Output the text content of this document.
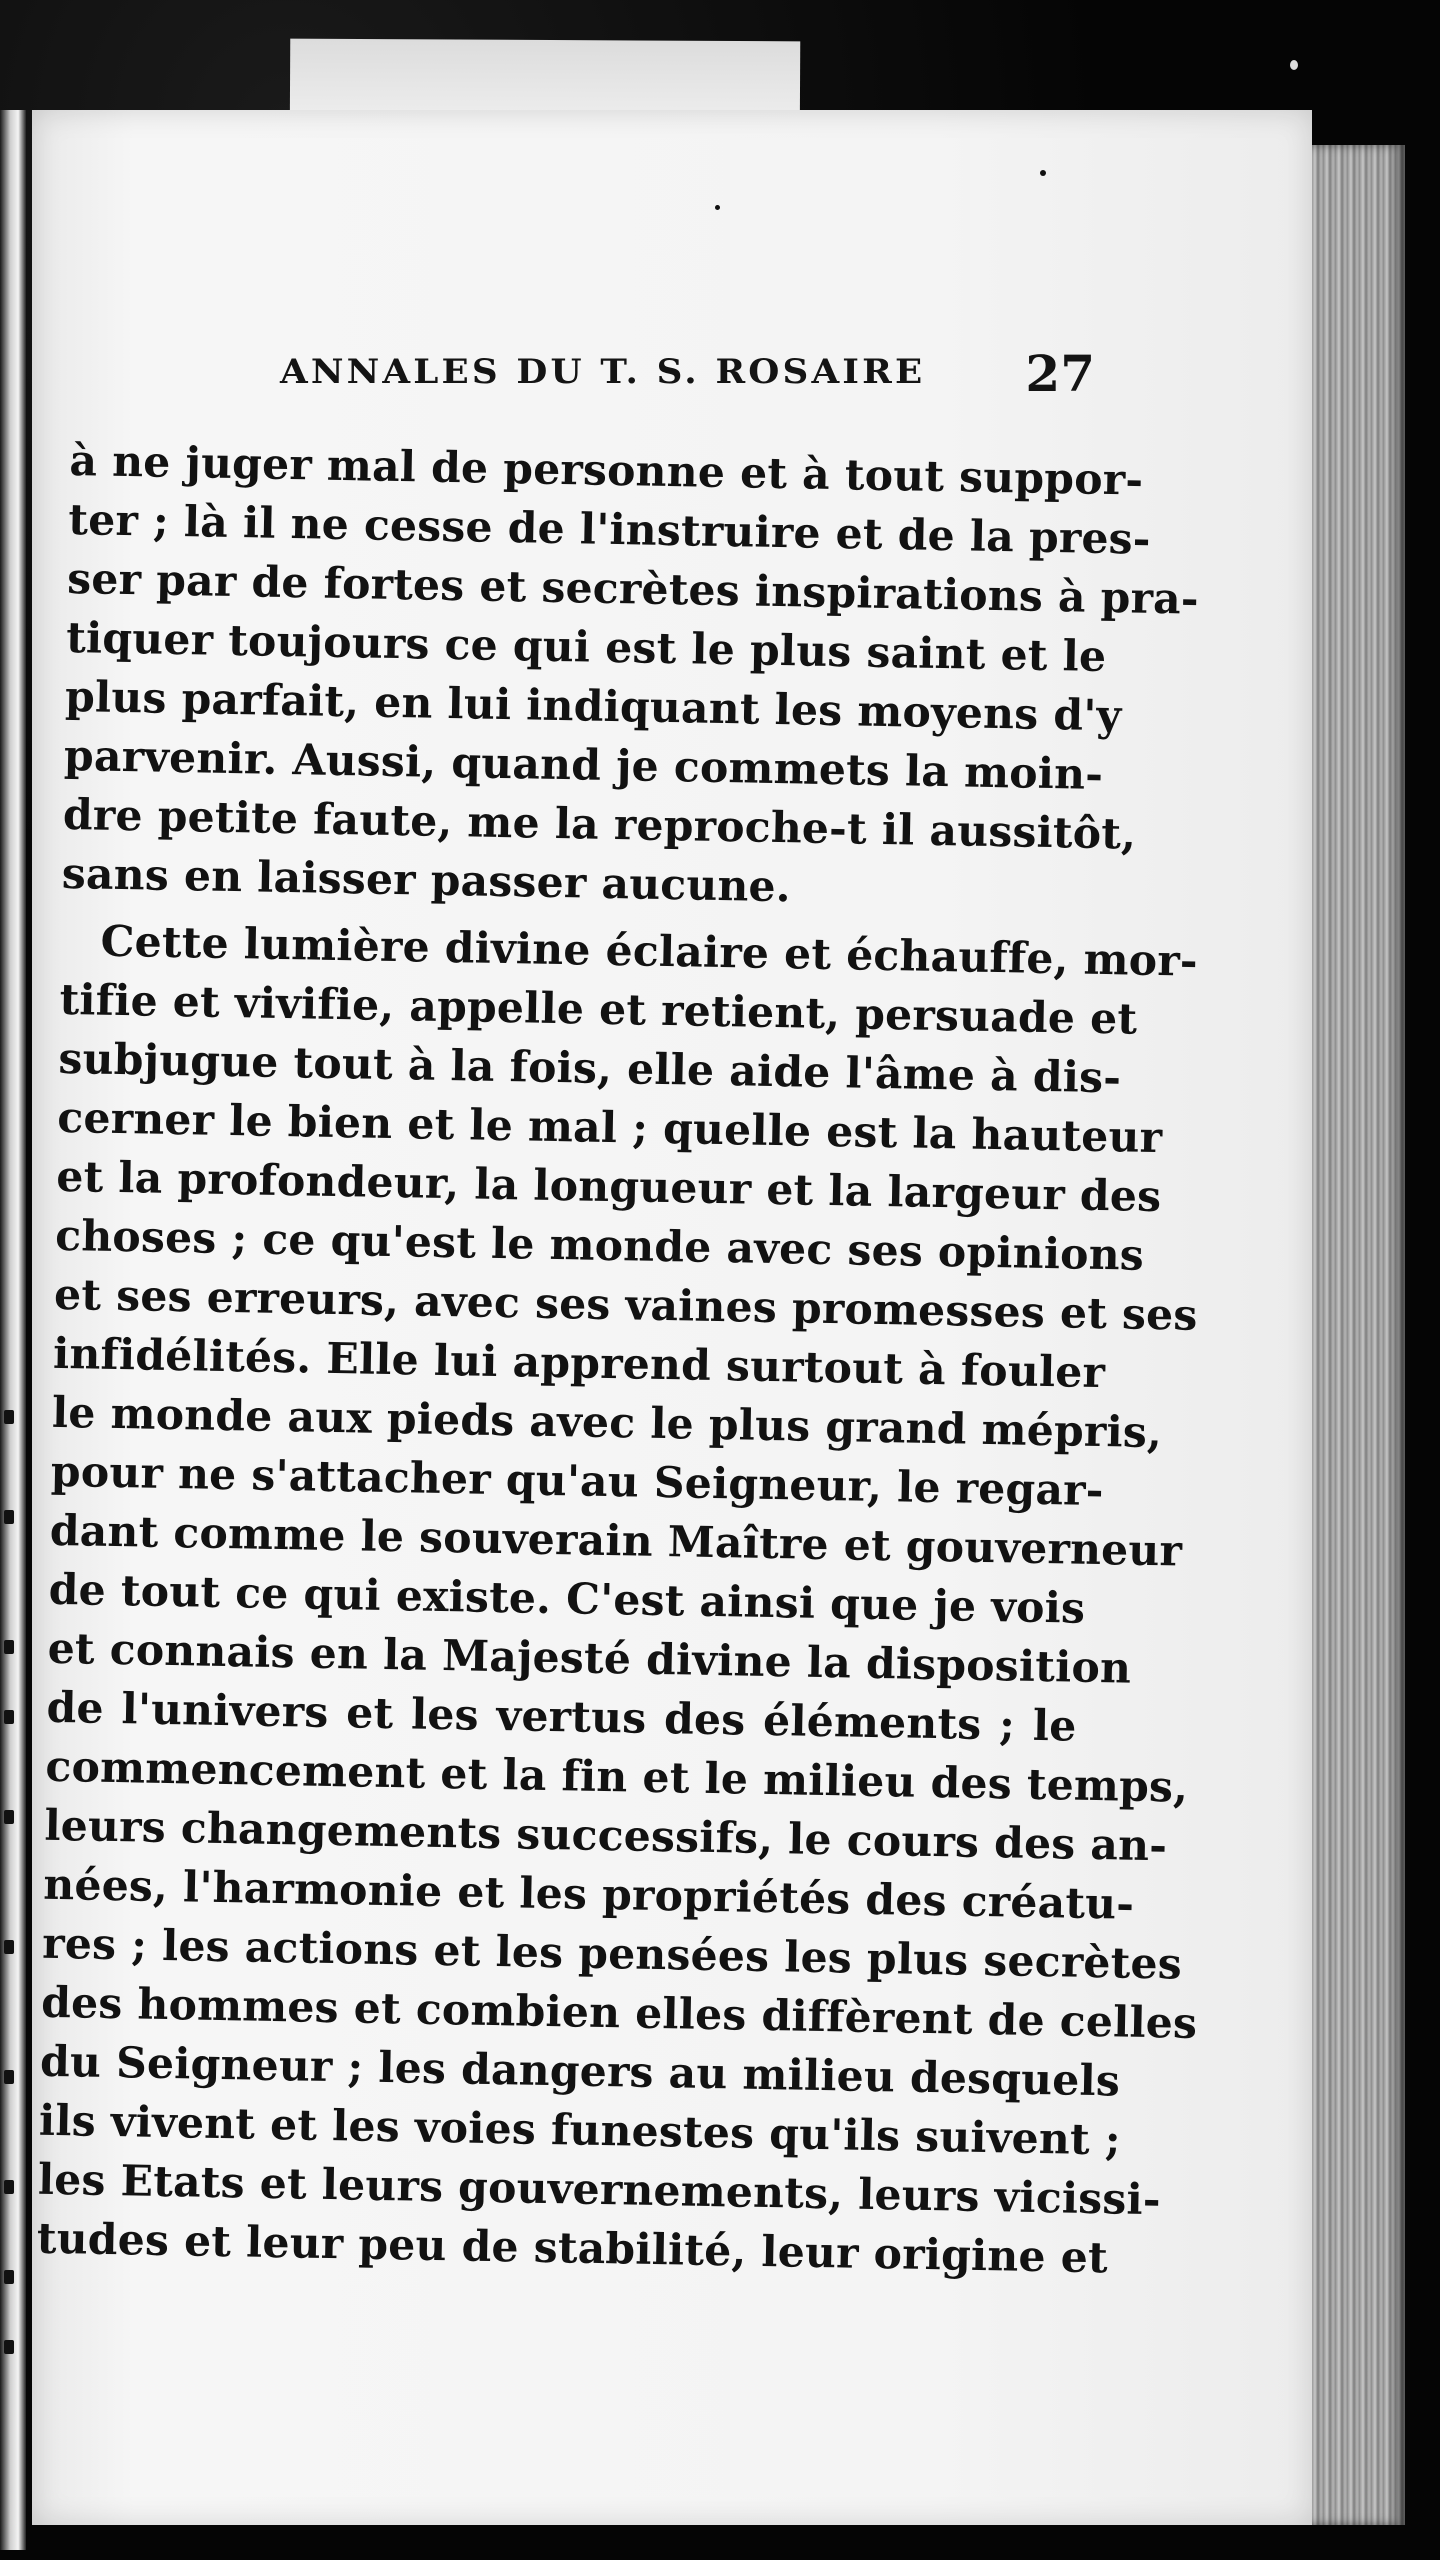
ANNALES DU T. S. ROSAIRE 27
à ne juger mal de personne et à tout suppor-
ter ; là il ne cesse de l'instruire et de la pres-
ser par de fortes et secrètes inspirations à pra-
tiquer toujours ce qui est le plus saint et le
plus parfait, en lui indiquant les moyens d'y
parvenir. Aussi, quand je commets la moin-
dre petite faute, me la reproche-t il aussitôt,
sans en laisser passer aucune.
Cette lumière divine éclaire et échauffe, mor-
tifie et vivifie, appelle et retient, persuade et
subjugue tout à la fois, elle aide l'âme à dis-
cerner le bien et le mal ; quelle est la hauteur
et la profondeur, la longueur et la largeur des
choses ; ce qu'est le monde avec ses opinions
et ses erreurs, avec ses vaines promesses et ses
infidélités. Elle lui apprend surtout à fouler
le monde aux pieds avec le plus grand mépris,
pour ne s'attacher qu'au Seigneur, le regar-
dant comme le souverain Maître et gouverneur
de tout ce qui existe. C'est ainsi que je vois
et connais en la Majesté divine la disposition
de l'univers et les vertus des éléments ; le
commencement et la fin et le milieu des temps,
leurs changements successifs, le cours des an-
nées, l'harmonie et les propriétés des créatu-
res ; les actions et les pensées les plus secrètes
des hommes et combien elles diffèrent de celles
du Seigneur ; les dangers au milieu desquels
ils vivent et les voies funestes qu'ils suivent ;
les Etats et leurs gouvernements, leurs vicissi-
tudes et leur peu de stabilité, leur origine et
